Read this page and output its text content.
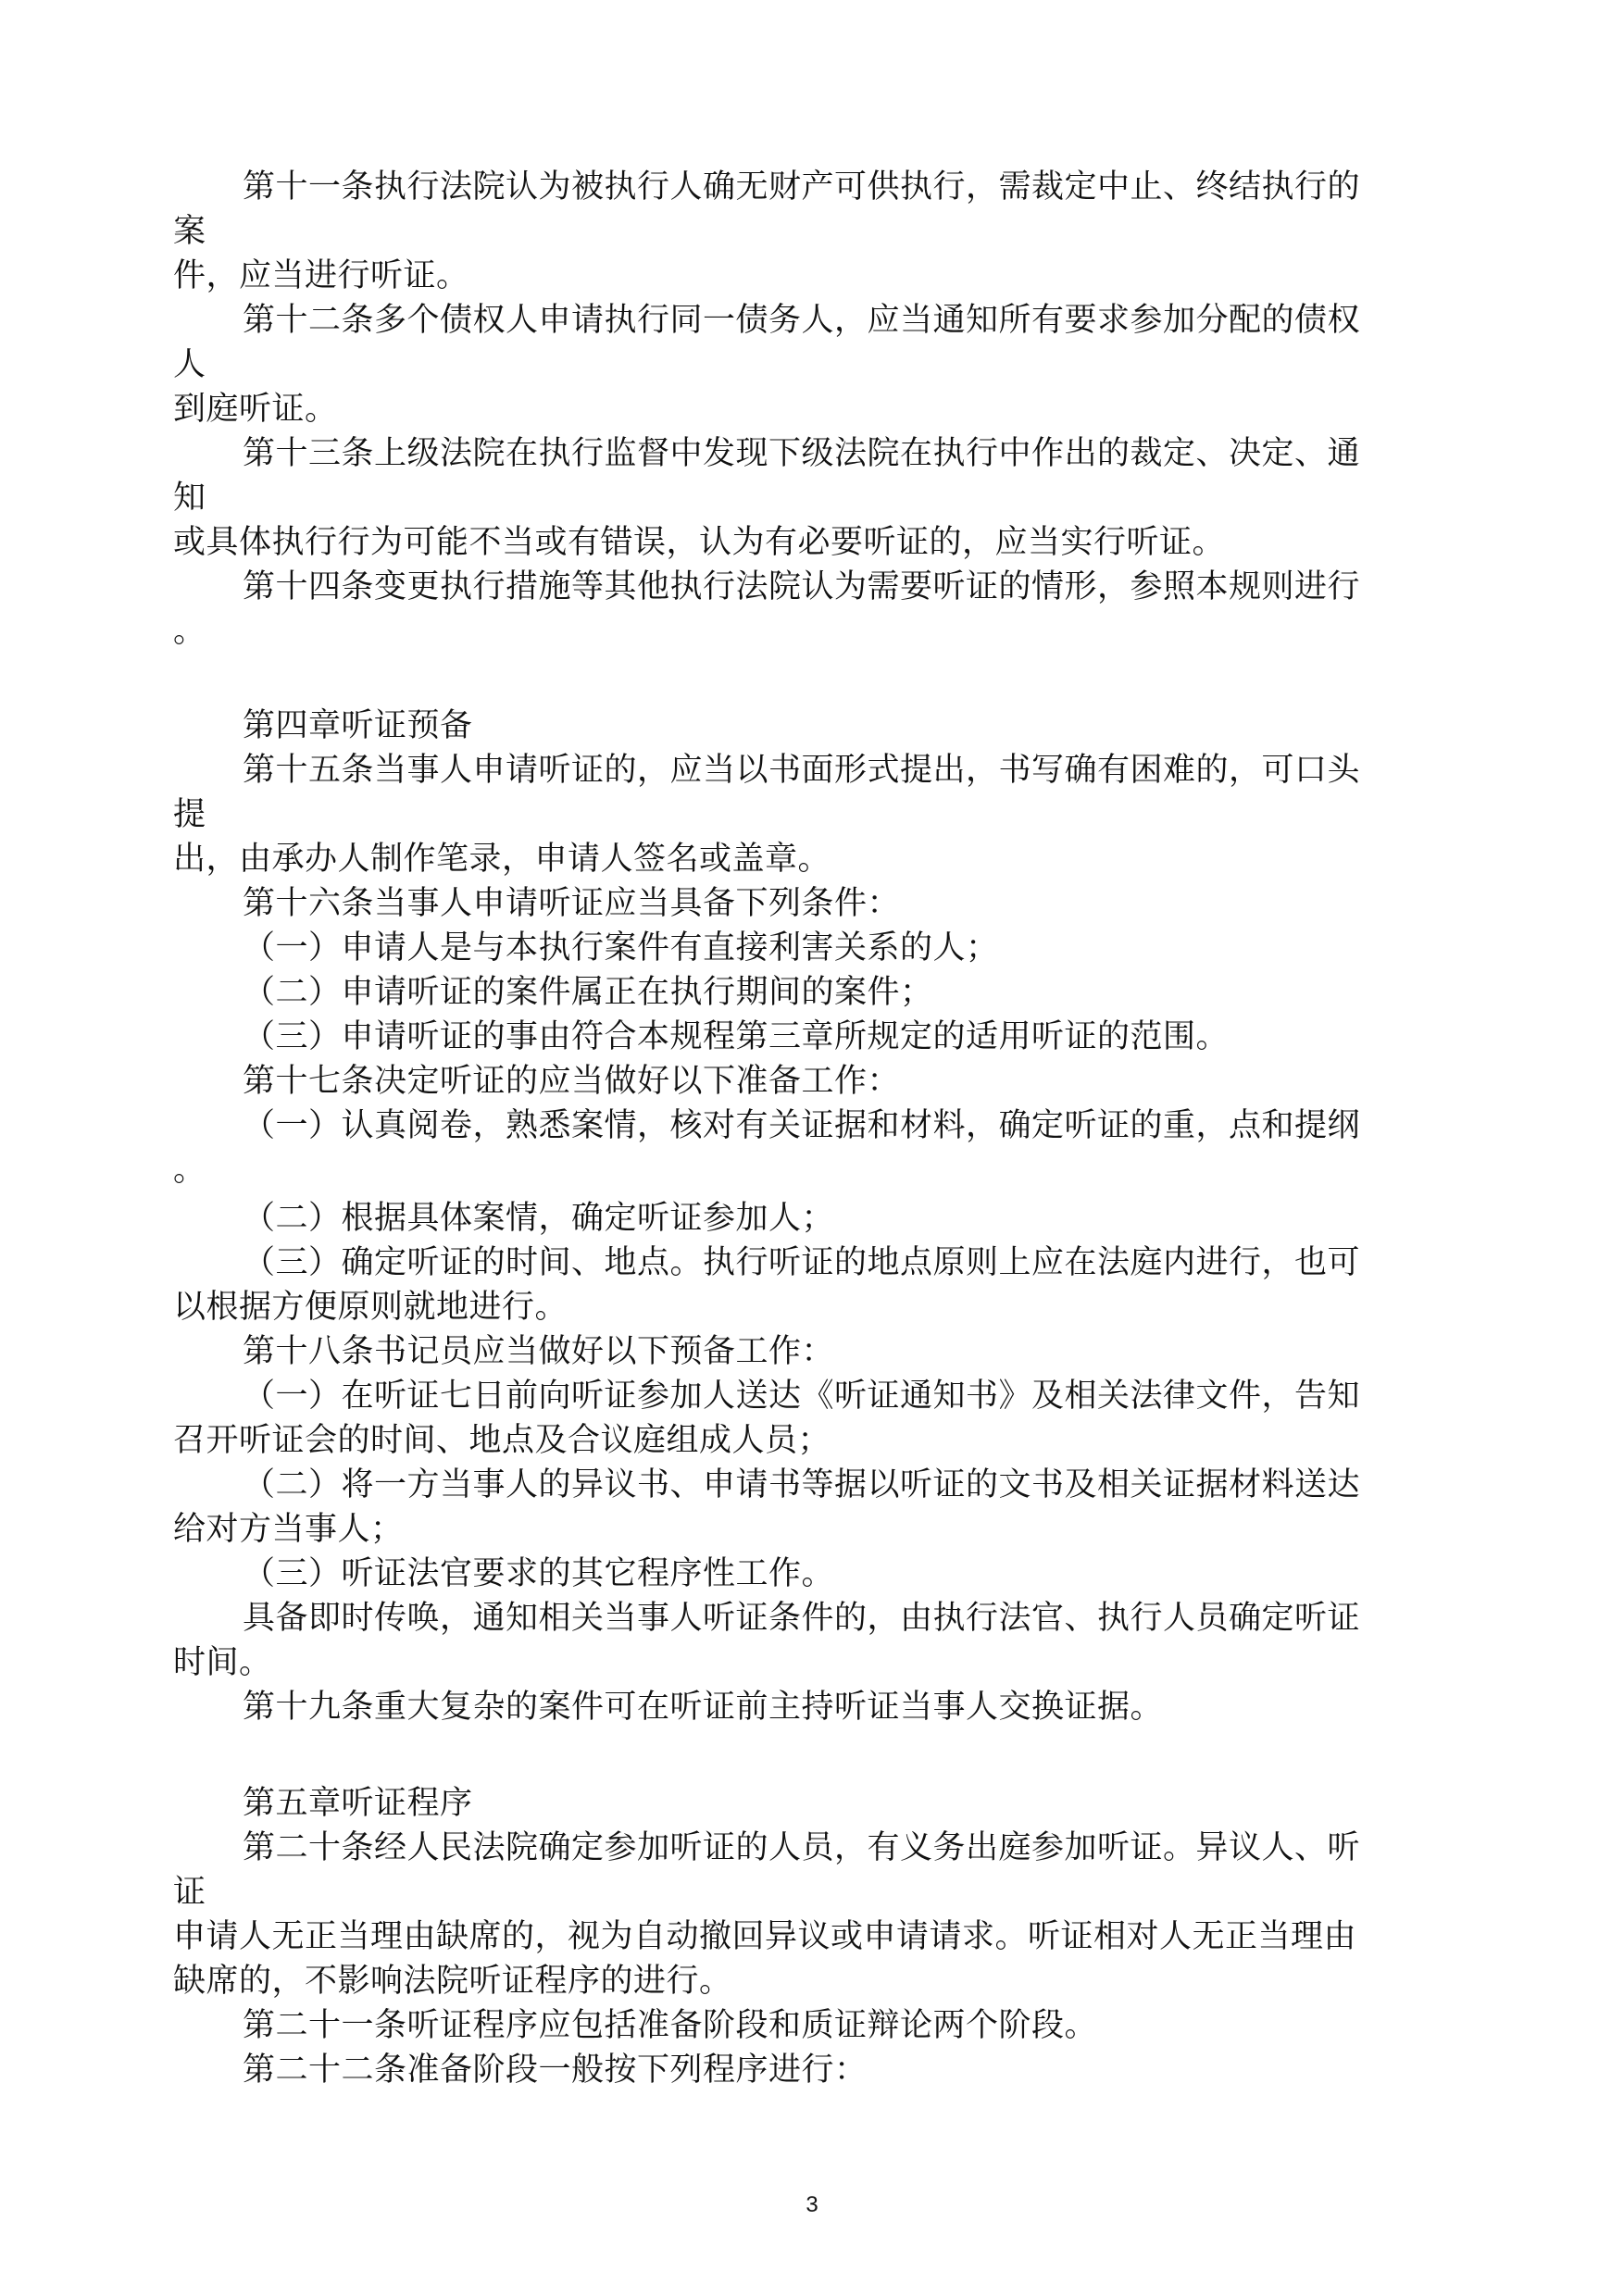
第十一条执行法院认为被执行人确无财产可供执行，需裁定中止、终结执行的
案
件，应当进行听证。
第十二条多个债权人申请执行同一债务人，应当通知所有要求参加分配的债权
人
到庭听证。
第十三条上级法院在执行监督中发现下级法院在执行中作出的裁定、决定、通
知
或具体执行行为可能不当或有错误，认为有必要听证的，应当实行听证。
第十四条变更执行措施等其他执行法院认为需要听证的情形，参照本规则进行
。
第四章听证预备
第十五条当事人申请听证的，应当以书面形式提出，书写确有困难的，可口头
提
出，由承办人制作笔录，申请人签名或盖章。
第十六条当事人申请听证应当具备下列条件：
（一）申请人是与本执行案件有直接利害关系的人；
（二）申请听证的案件属正在执行期间的案件；
（三）申请听证的事由符合本规程第三章所规定的适用听证的范围。
第十七条决定听证的应当做好以下准备工作：
（一）认真阅卷，熟悉案情，核对有关证据和材料，确定听证的重，点和提纲
。
（二）根据具体案情，确定听证参加人；
（三）确定听证的时间、地点。执行听证的地点原则上应在法庭内进行，也可
以根据方便原则就地进行。
第十八条书记员应当做好以下预备工作：
（一）在听证七日前向听证参加人送达《听证通知书》及相关法律文件，告知
召开听证会的时间、地点及合议庭组成人员；
（二）将一方当事人的异议书、申请书等据以听证的文书及相关证据材料送达
给对方当事人；
（三）听证法官要求的其它程序性工作。
具备即时传唤，通知相关当事人听证条件的，由执行法官、执行人员确定听证
时间。
第十九条重大复杂的案件可在听证前主持听证当事人交换证据。
第五章听证程序
第二十条经人民法院确定参加听证的人员，有义务出庭参加听证。异议人、听
证
申请人无正当理由缺席的，视为自动撤回异议或申请请求。听证相对人无正当理由
缺席的，不影响法院听证程序的进行。
第二十一条听证程序应包括准备阶段和质证辩论两个阶段。
第二十二条准备阶段一般按下列程序进行：
3
